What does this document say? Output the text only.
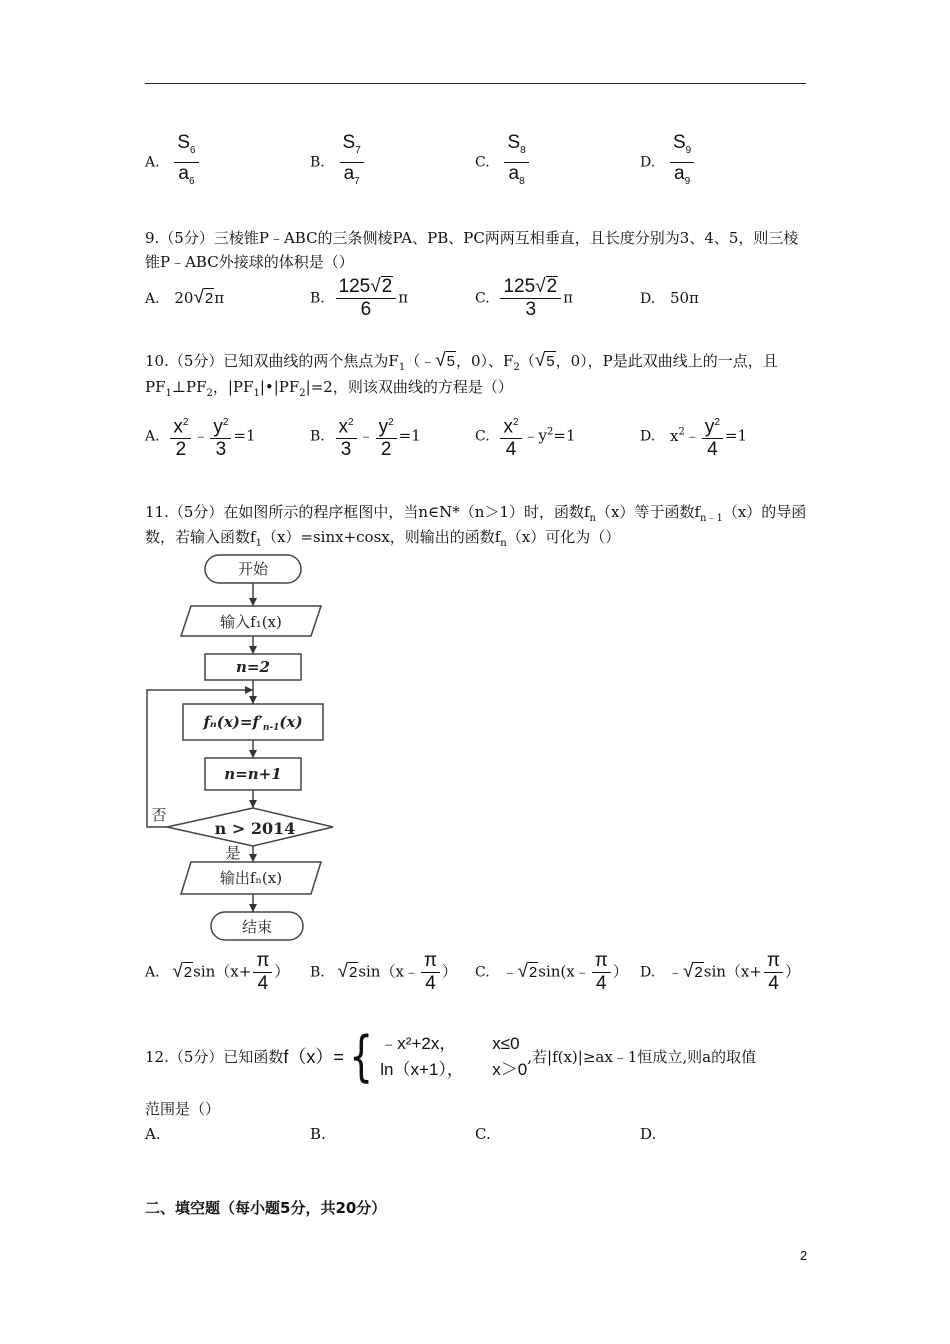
A. $\frac{S_6}{a_6}$	B. $\frac{S_7}{a_7}$	C. $\frac{S_8}{a_8}$	D. $\frac{S_9}{a_9}$
9.（5分）三棱锥P﹣ABC的三条侧棱PA、PB、PC两两互相垂直，且长度分别为3、4、5，则三棱
锥P﹣ABC外接球的体积是（）
A. 20√2π	B. $\frac{125√2}{6}$ π	C. $\frac{125√2}{3}$ π	D. 50π
10.（5分）已知双曲线的两个焦点为$F_1(﹣√5$，0）、$F_2(√5$，0），P是此双曲线上的一点，且
$PF_1\perp PF_2$，$|PF_1|•|PF_2|=2$，则该双曲线的方程是（）
A. $\frac{x^2}{2}$ ﹣ $\frac{y^2}{3} =1$	B. $\frac{x^2}{3}$ ﹣ $\frac{y^2}{2} =1$	C. $\frac{x^2}{4}$ $﹣y^2=1$	D. $x^2﹣ \frac{y^2}{4} =1$
11.（5分）在如图所示的程序框图中，当n∈N*（n＞1）时，函数$f_n(x)$等于函数$f_{n﹣1}(x)$的导函
数，若输入函数$f_1(x)=\sin x+\cos x$，则输出的函数$f_n(x)$可化为（）
开始
输入f₁(x)
n=2
$f_n(x)=f'_{n-1}(x)$
n=n+1
n > 2014
否
是
输出fₙ(x)
结束
A. $√2\sin(x+ \frac{\pi}{4}$ ） B. √2sin（x﹣ $\frac{\pi}{4}$ ） C. ﹣√2sin(x﹣ $\frac{\pi}{4}$ ） D. ﹣√2sin（x+ $\frac{\pi}{4}$ ）
12.（5分）已知函数 f（x）= { ﹣x²+2x， x≤0
ln（x+1）， x＞0
,若|f(x)|≥ax﹣1恒成立,则a的取值
范围是（）
A.	B.	C.	D.
二、填空题（每小题5分，共20分）
2
